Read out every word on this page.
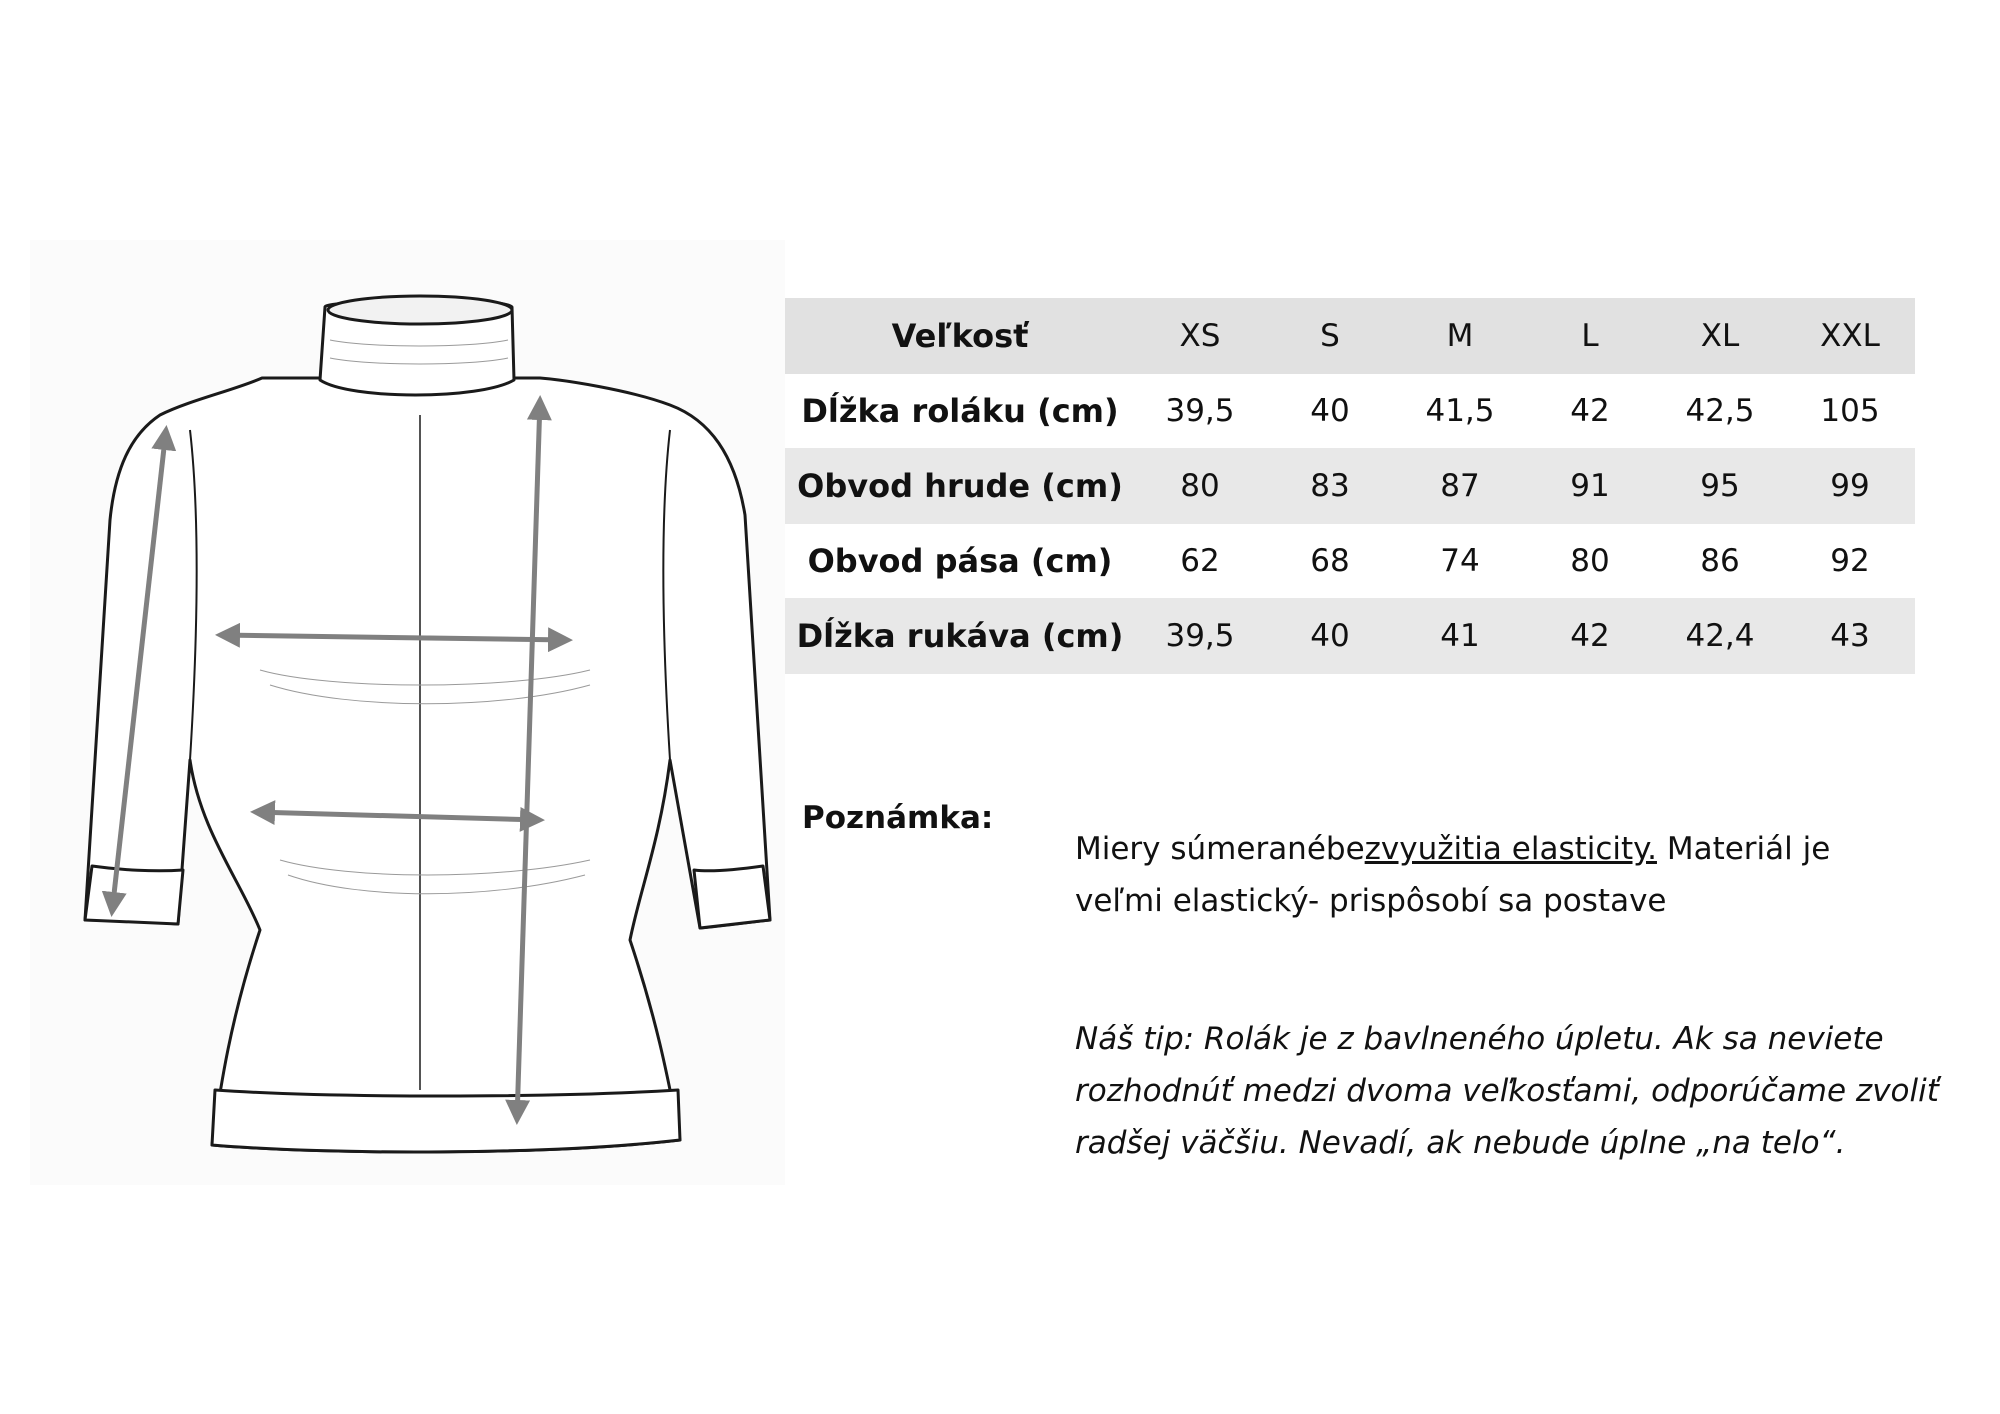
Veľkosť	XS	S	M	L	XL	XXL
Dĺžka roláku (cm)	39,5	40	41,5	42	42,5	105
Obvod hrude (cm)	80	83	87	91	95	99
Obvod pása (cm)	62	68	74	80	86	92
Dĺžka rukáva (cm)	39,5	40	41	42	42,4	43
Poznámka:
Miery súmeranébezvyužitia elasticity. Materiál je
veľmi elastický- prispôsobí sa postave
Náš tip: Rolák je z bavlneného úpletu. Ak sa neviete
rozhodnúť medzi dvoma veľkosťami, odporúčame zvoliť
radšej väčšiu. Nevadí, ak nebude úplne „na telo“.
